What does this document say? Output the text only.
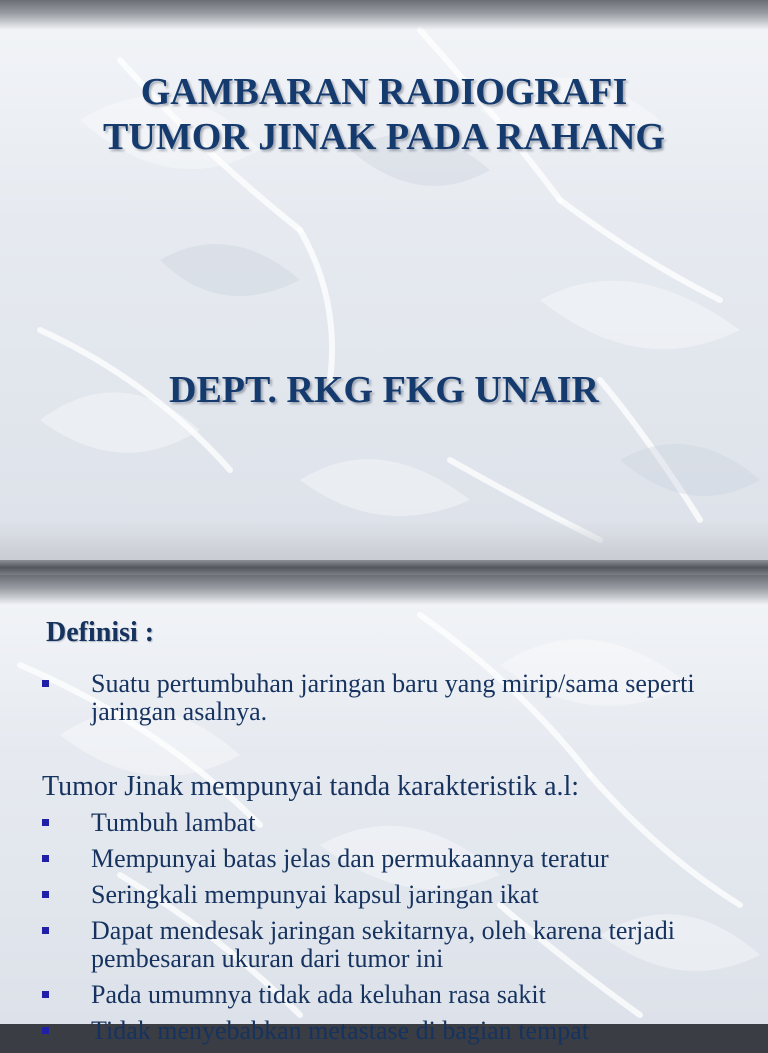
GAMBARAN RADIOGRAFI
TUMOR JINAK PADA RAHANG
DEPT. RKG FKG UNAIR
Definisi :
Suatu pertumbuhan jaringan baru yang mirip/sama seperti jaringan asalnya.
Tumor Jinak mempunyai tanda karakteristik a.l:
Tumbuh lambat
Mempunyai batas jelas dan permukaannya teratur
Seringkali mempunyai kapsul jaringan ikat
Dapat mendesak jaringan sekitarnya, oleh karena terjadi pembesaran ukuran dari tumor ini
Pada umumnya tidak ada keluhan rasa sakit
Tidak menyebabkan metastase di bagian tempat
